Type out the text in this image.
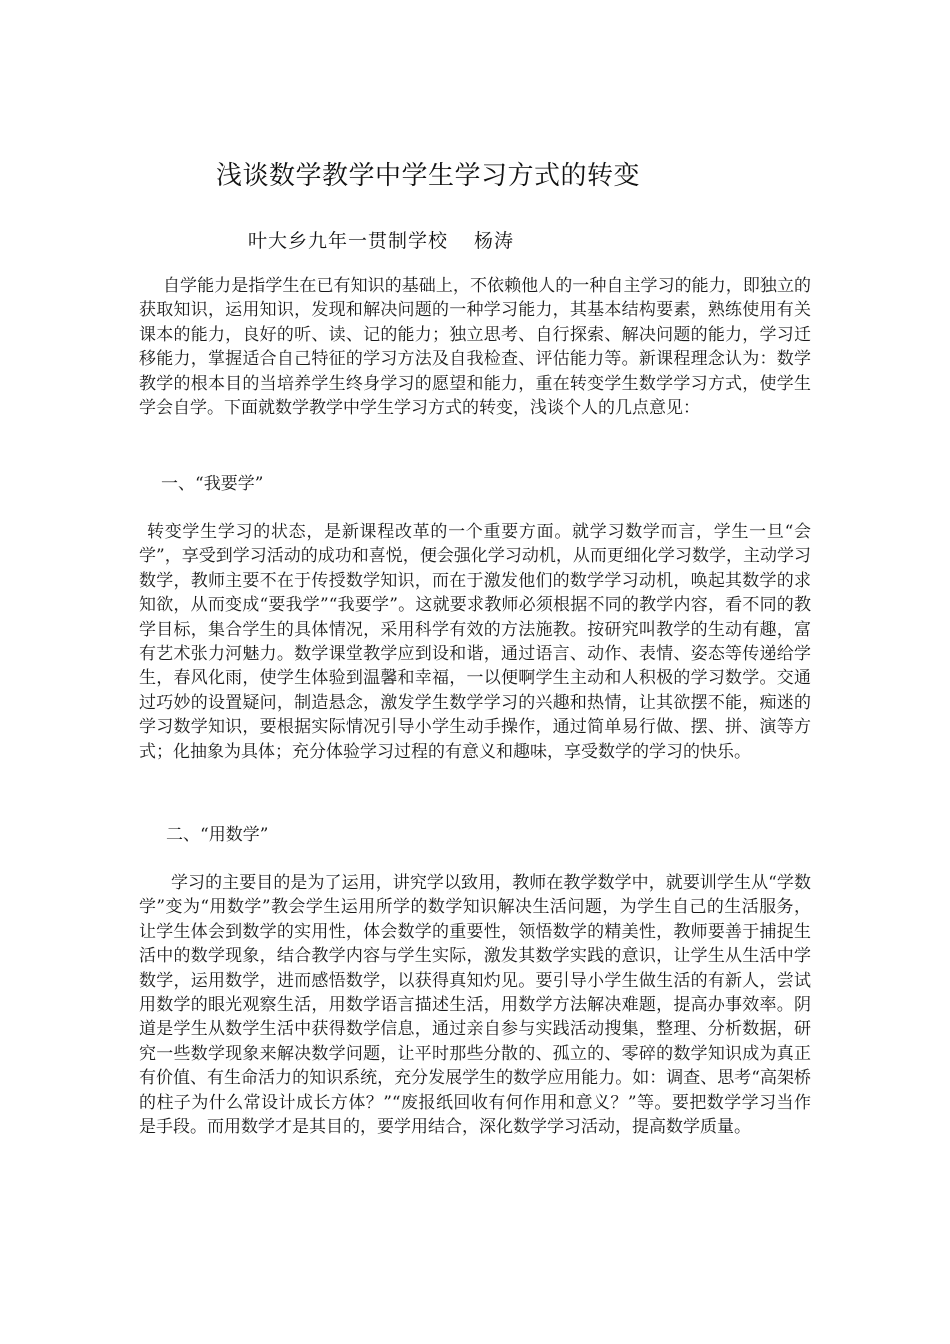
浅谈数学教学中学生学习方式的转变
叶大乡九年一贯制学校 杨涛

自学能力是指学生在已有知识的基础上，不依赖他人的一种自主学习的能力，即独立的获取知识，运用知识，发现和解决问题的一种学习能力，其基本结构要素，熟练使用有关课本的能力，良好的听、读、记的能力；独立思考、自行探索、解决问题的能力，学习迁移能力，掌握适合自己特征的学习方法及自我检查、评估能力等。新课程理念认为：数学教学的根本目的当培养学生终身学习的愿望和能力，重在转变学生数学学习方式，使学生学会自学。下面就数学教学中学生学习方式的转变，浅谈个人的几点意见：

一、“我要学”

转变学生学习的状态，是新课程改革的一个重要方面。就学习数学而言，学生一旦“会学”，享受到学习活动的成功和喜悦，便会强化学习动机，从而更细化学习数学，主动学习数学，教师主要不在于传授数学知识，而在于激发他们的数学学习动机，唤起其数学的求知欲，从而变成“要我学”“我要学”。这就要求教师必须根据不同的教学内容，看不同的教学目标，集合学生的具体情况，采用科学有效的方法施教。按研究叫教学的生动有趣，富有艺术张力河魅力。数学课堂教学应到设和谐，通过语言、动作、表情、姿态等传递给学生，春风化雨，使学生体验到温馨和幸福，一以便啊学生主动和人积极的学习数学。交通过巧妙的设置疑问，制造悬念，激发学生数学学习的兴趣和热情，让其欲摆不能，痴迷的学习数学知识，要根据实际情况引导小学生动手操作，通过简单易行做、摆、拼、演等方式；化抽象为具体；充分体验学习过程的有意义和趣味，享受数学的学习的快乐。

二、“用数学”

学习的主要目的是为了运用，讲究学以致用，教师在教学数学中，就要训学生从“学数学”变为“用数学”教会学生运用所学的数学知识解决生活问题，为学生自己的生活服务，让学生体会到数学的实用性，体会数学的重要性，领悟数学的精美性，教师要善于捕捉生活中的数学现象，结合教学内容与学生实际，激发其数学实践的意识，让学生从生活中学数学，运用数学，进而感悟数学，以获得真知灼见。要引导小学生做生活的有新人，尝试用数学的眼光观察生活，用数学语言描述生活，用数学方法解决难题，提高办事效率。阴道是学生从数学生活中获得数学信息，通过亲自参与实践活动搜集，整理、分析数据，研究一些数学现象来解决数学问题，让平时那些分散的、孤立的、零碎的数学知识成为真正有价值、有生命活力的知识系统，充分发展学生的数学应用能力。如：调查、思考“高架桥的柱子为什么常设计成长方体？”“废报纸回收有何作用和意义？”等。要把数学学习当作是手段。而用数学才是其目的，要学用结合，深化数学学习活动，提高数学质量。
